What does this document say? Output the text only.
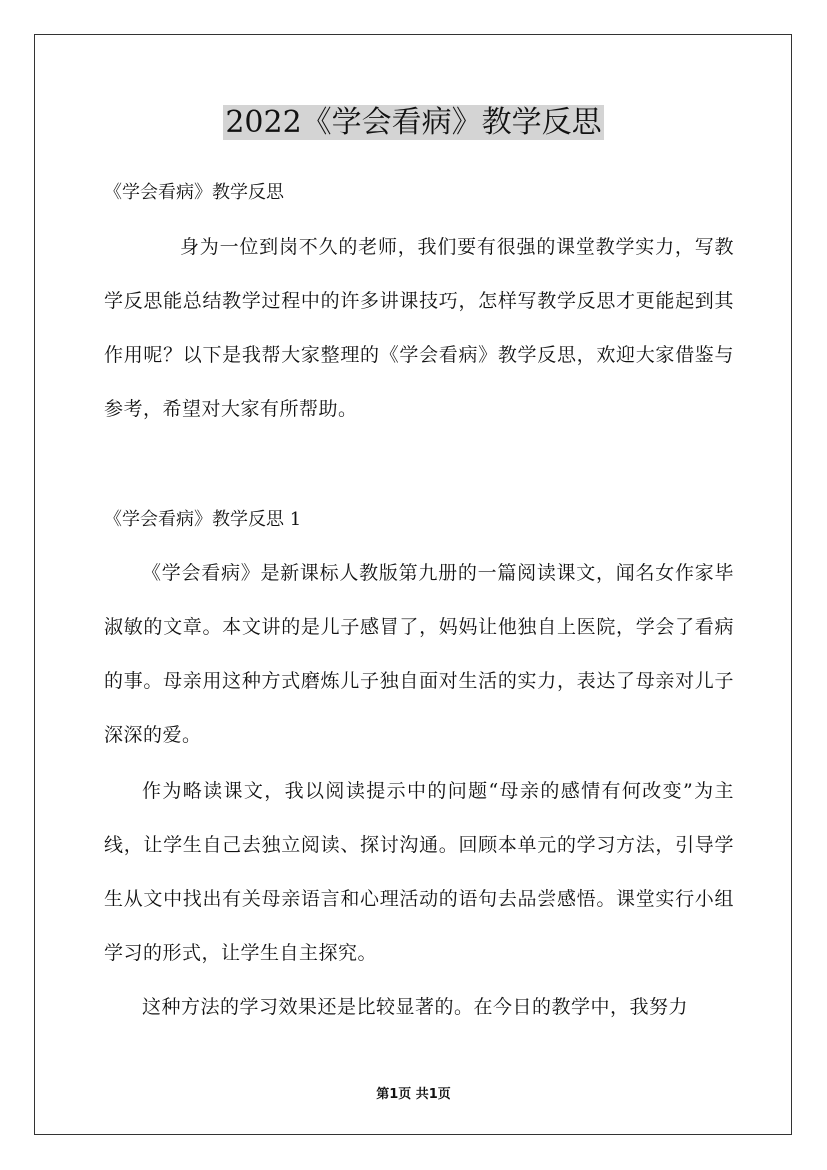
2022《学会看病》教学反思

《学会看病》教学反思

身为一位到岗不久的老师，我们要有很强的课堂教学实力，写教学反思能总结教学过程中的许多讲课技巧，怎样写教学反思才更能起到其作用呢？以下是我帮大家整理的《学会看病》教学反思，欢迎大家借鉴与参考，希望对大家有所帮助。

《学会看病》教学反思 1

《学会看病》是新课标人教版第九册的一篇阅读课文，闻名女作家毕淑敏的文章。本文讲的是儿子感冒了，妈妈让他独自上医院，学会了看病的事。母亲用这种方式磨炼儿子独自面对生活的实力，表达了母亲对儿子深深的爱。

作为略读课文，我以阅读提示中的问题“母亲的感情有何改变”为主线，让学生自己去独立阅读、探讨沟通。回顾本单元的学习方法，引导学生从文中找出有关母亲语言和心理活动的语句去品尝感悟。课堂实行小组学习的形式，让学生自主探究。

这种方法的学习效果还是比较显著的。在今日的教学中，我努力

第1页 共1页
